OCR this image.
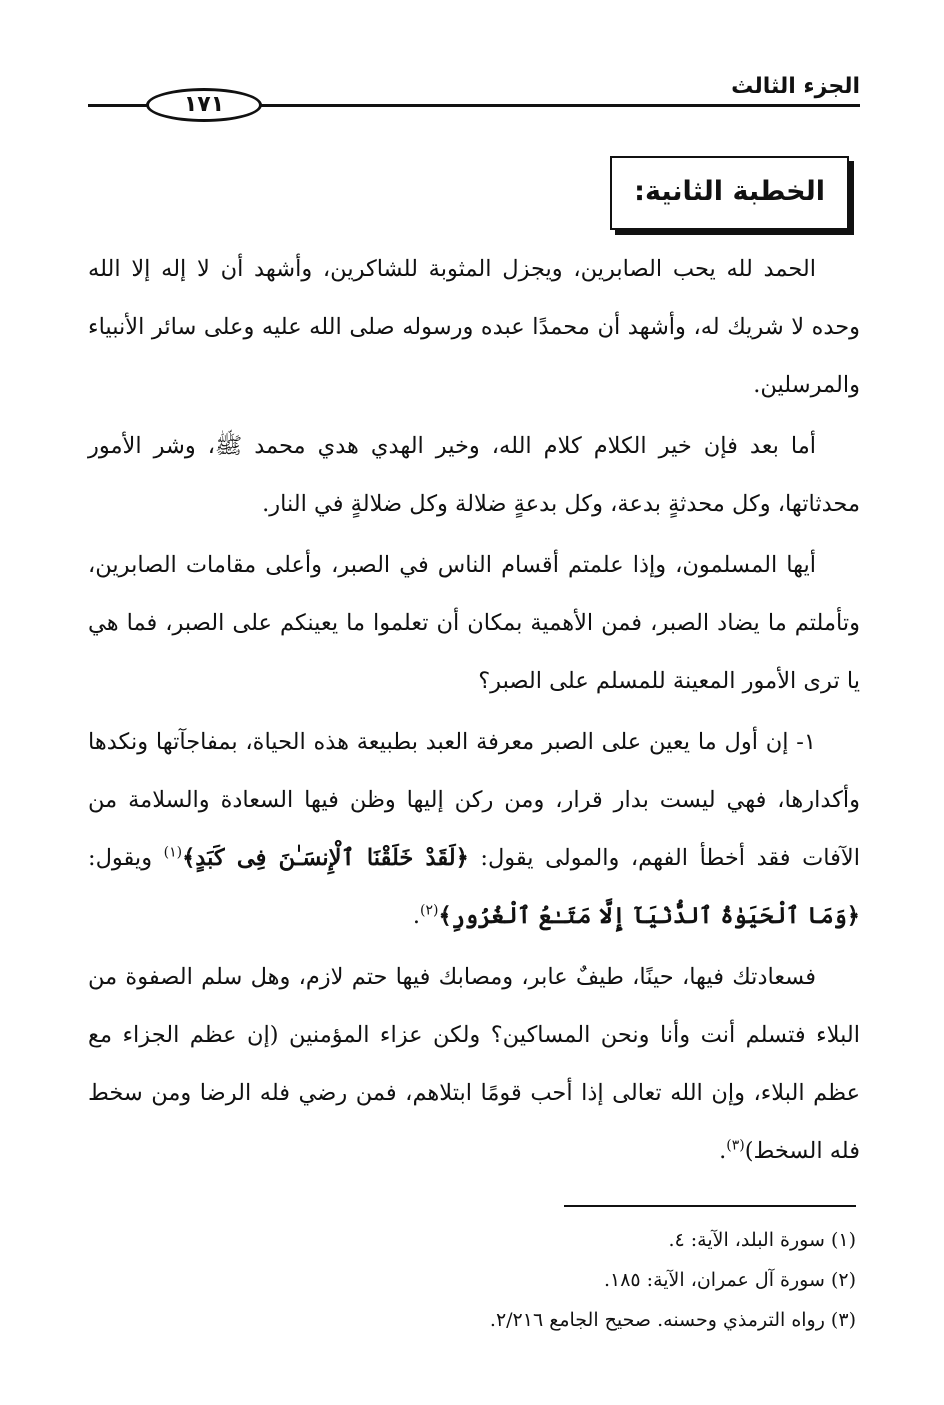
الجزء الثالث
١٧١
الخطبة الثانية:

الحمد لله يحب الصابرين، ويجزل المثوبة للشاكرين، وأشهد أن لا إله إلا الله وحده لا شريك له، وأشهد أن محمدًا عبده ورسوله صلى الله عليه وعلى سائر الأنبياء والمرسلين.

أما بعد فإن خير الكلام كلام الله، وخير الهدي هدي محمد ﷺ، وشر الأمور محدثاتها، وكل محدثةٍ بدعة، وكل بدعةٍ ضلالة وكل ضلالةٍ في النار.

أيها المسلمون، وإذا علمتم أقسام الناس في الصبر، وأعلى مقامات الصابرين، وتأملتم ما يضاد الصبر، فمن الأهمية بمكان أن تعلموا ما يعينكم على الصبر، فما هي يا ترى الأمور المعينة للمسلم على الصبر؟

١- إن أول ما يعين على الصبر معرفة العبد بطبيعة هذه الحياة، بمفاجآتها ونكدها وأكدارها، فهي ليست بدار قرار، ومن ركن إليها وظن فيها السعادة والسلامة من الآفات فقد أخطأ الفهم، والمولى يقول: ﴿لَقَدْ خَلَقْنَا ٱلْإِنسَـٰنَ فِى كَبَدٍ﴾$^{(١)}$ ويقول: ﴿وَمَا ٱلْحَيَوٰةُ ٱلدُّنْيَآ إِلَّا مَتَـٰعُ ٱلْغُرُورِ﴾$^{(٢)}$.

فسعادتك فيها، حينًا، طيفٌ عابر، ومصابك فيها حتم لازم، وهل سلم الصفوة من البلاء فتسلم أنت وأنا ونحن المساكين؟ ولكن عزاء المؤمنين (إن عظم الجزاء مع عظم البلاء، وإن الله تعالى إذا أحب قومًا ابتلاهم، فمن رضي فله الرضا ومن سخط فله السخط)$^{(٣)}$.

(١) سورة البلد، الآية: ٤.
(٢) سورة آل عمران، الآية: ١٨٥.
(٣) رواه الترمذي وحسنه. صحيح الجامع ٢/٢١٦.
